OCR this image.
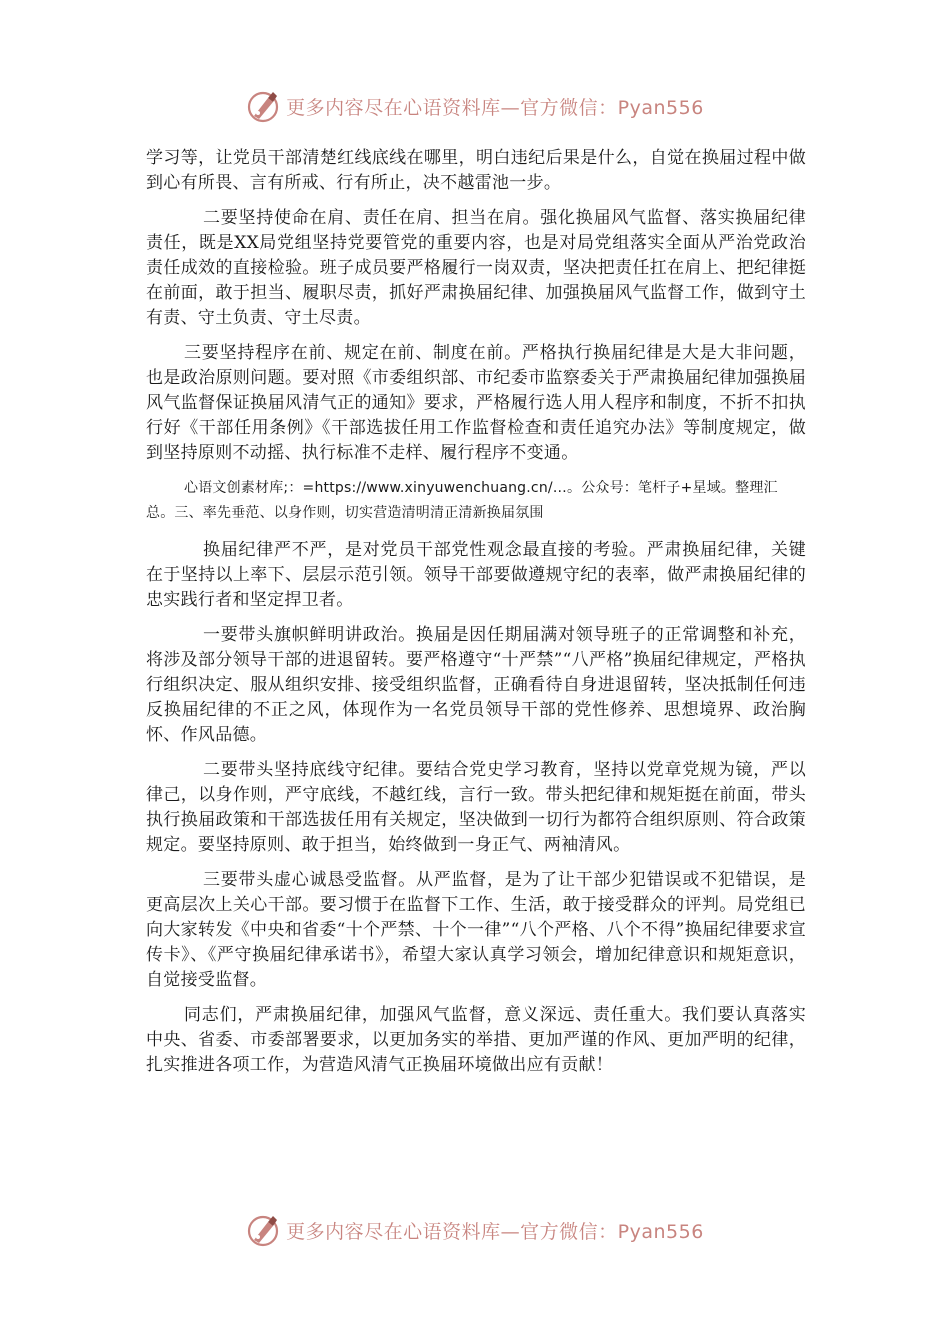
更多内容尽在心语资料库—官方微信：Pyan556

学习等，让党员干部清楚红线底线在哪里，明白违纪后果是什么，自觉在换届过程中做到心有所畏、言有所戒、行有所止，决不越雷池一步。

二要坚持使命在肩、责任在肩、担当在肩。强化换届风气监督、落实换届纪律责任，既是XX局党组坚持党要管党的重要内容，也是对局党组落实全面从严治党政治责任成效的直接检验。班子成员要严格履行一岗双责，坚决把责任扛在肩上、把纪律挺在前面，敢于担当、履职尽责，抓好严肃换届纪律、加强换届风气监督工作，做到守土有责、守土负责、守土尽责。

三要坚持程序在前、规定在前、制度在前。严格执行换届纪律是大是大非问题，也是政治原则问题。要对照《市委组织部、市纪委市监察委关于严肃换届纪律加强换届风气监督保证换届风清气正的通知》要求，严格履行选人用人程序和制度，不折不扣执行好《干部任用条例》《干部选拔任用工作监督检查和责任追究办法》等制度规定，做到坚持原则不动摇、执行标准不走样、履行程序不变通。

心语文创素材库;：=https://www.xinyuwenchuang.cn/…。公众号：笔杆子+星域。整理汇总。三、率先垂范、以身作则，切实营造清明清正清新换届氛围

换届纪律严不严，是对党员干部党性观念最直接的考验。严肃换届纪律，关键在于坚持以上率下、层层示范引领。领导干部要做遵规守纪的表率，做严肃换届纪律的忠实践行者和坚定捍卫者。

一要带头旗帜鲜明讲政治。换届是因任期届满对领导班子的正常调整和补充，将涉及部分领导干部的进退留转。要严格遵守“十严禁”“八严格”换届纪律规定，严格执行组织决定、服从组织安排、接受组织监督，正确看待自身进退留转，坚决抵制任何违反换届纪律的不正之风，体现作为一名党员领导干部的党性修养、思想境界、政治胸怀、作风品德。

二要带头坚持底线守纪律。要结合党史学习教育，坚持以党章党规为镜，严以律己，以身作则，严守底线，不越红线，言行一致。带头把纪律和规矩挺在前面，带头执行换届政策和干部选拔任用有关规定，坚决做到一切行为都符合组织原则、符合政策规定。要坚持原则、敢于担当，始终做到一身正气、两袖清风。

三要带头虚心诚恳受监督。从严监督，是为了让干部少犯错误或不犯错误，是更高层次上关心干部。要习惯于在监督下工作、生活，敢于接受群众的评判。局党组已向大家转发《中央和省委“十个严禁、十个一律”“八个严格、八个不得”换届纪律要求宣传卡》、《严守换届纪律承诺书》，希望大家认真学习领会，增加纪律意识和规矩意识，自觉接受监督。

同志们，严肃换届纪律，加强风气监督，意义深远、责任重大。我们要认真落实中央、省委、市委部署要求，以更加务实的举措、更加严谨的作风、更加严明的纪律，扎实推进各项工作，为营造风清气正换届环境做出应有贡献！

更多内容尽在心语资料库—官方微信：Pyan556
